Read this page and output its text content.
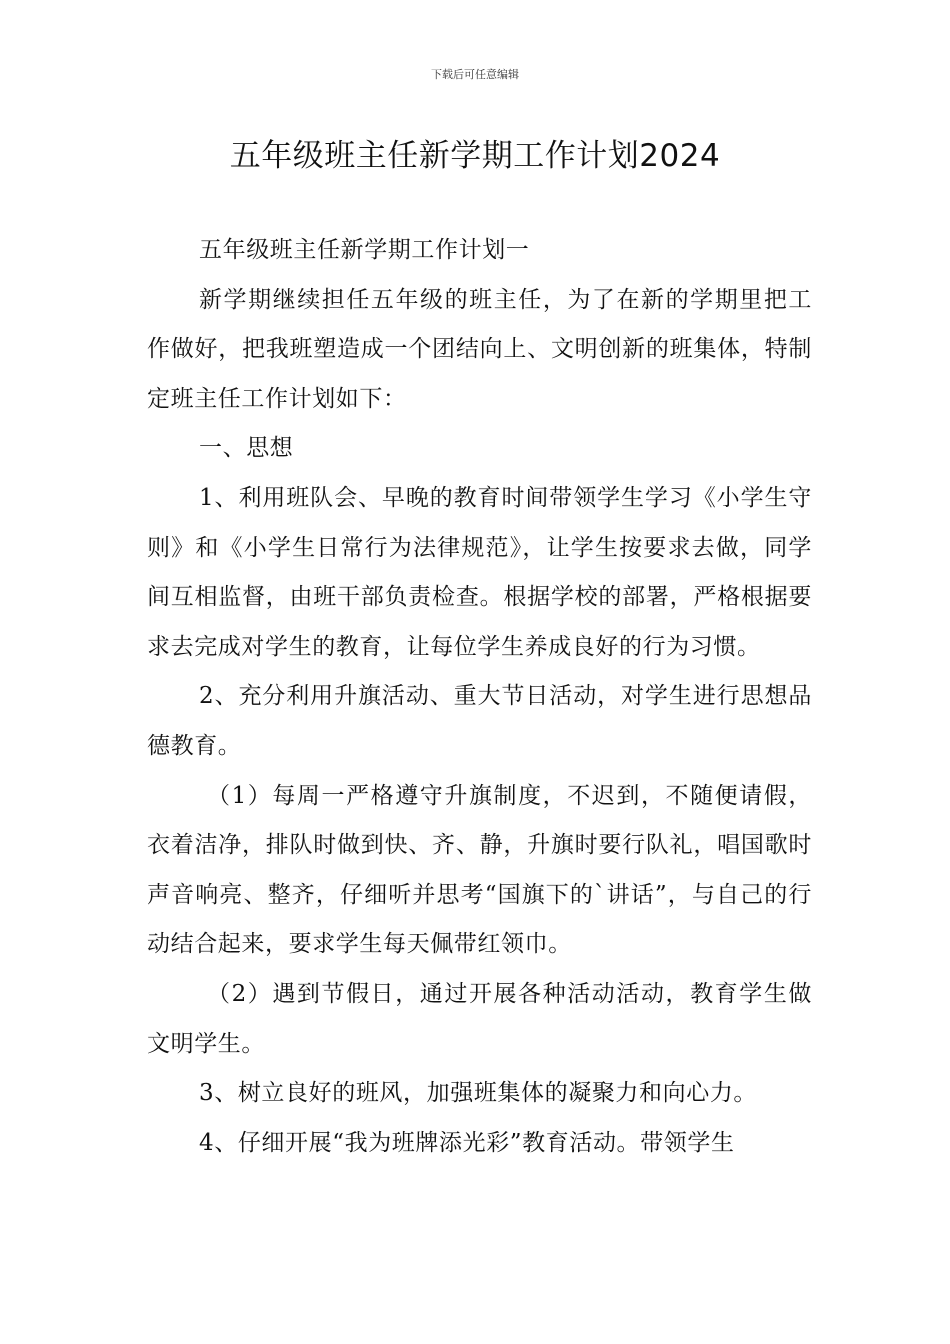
下载后可任意编辑
五年级班主任新学期工作计划2024

五年级班主任新学期工作计划一

新学期继续担任五年级的班主任，为了在新的学期里把工作做好，把我班塑造成一个团结向上、文明创新的班集体，特制定班主任工作计划如下：

一、思想

1、利用班队会、早晚的教育时间带领学生学习《小学生守则》和《小学生日常行为法律规范》，让学生按要求去做，同学间互相监督，由班干部负责检查。根据学校的部署，严格根据要求去完成对学生的教育，让每位学生养成良好的行为习惯。

2、充分利用升旗活动、重大节日活动，对学生进行思想品德教育。

（1）每周一严格遵守升旗制度，不迟到，不随便请假，衣着洁净，排队时做到快、齐、静，升旗时要行队礼，唱国歌时声音响亮、整齐，仔细听并思考“国旗下的`讲话”，与自己的行动结合起来，要求学生每天佩带红领巾。

（2）遇到节假日，通过开展各种活动活动，教育学生做文明学生。

3、树立良好的班风，加强班集体的凝聚力和向心力。

4、仔细开展“我为班牌添光彩”教育活动。带领学生
